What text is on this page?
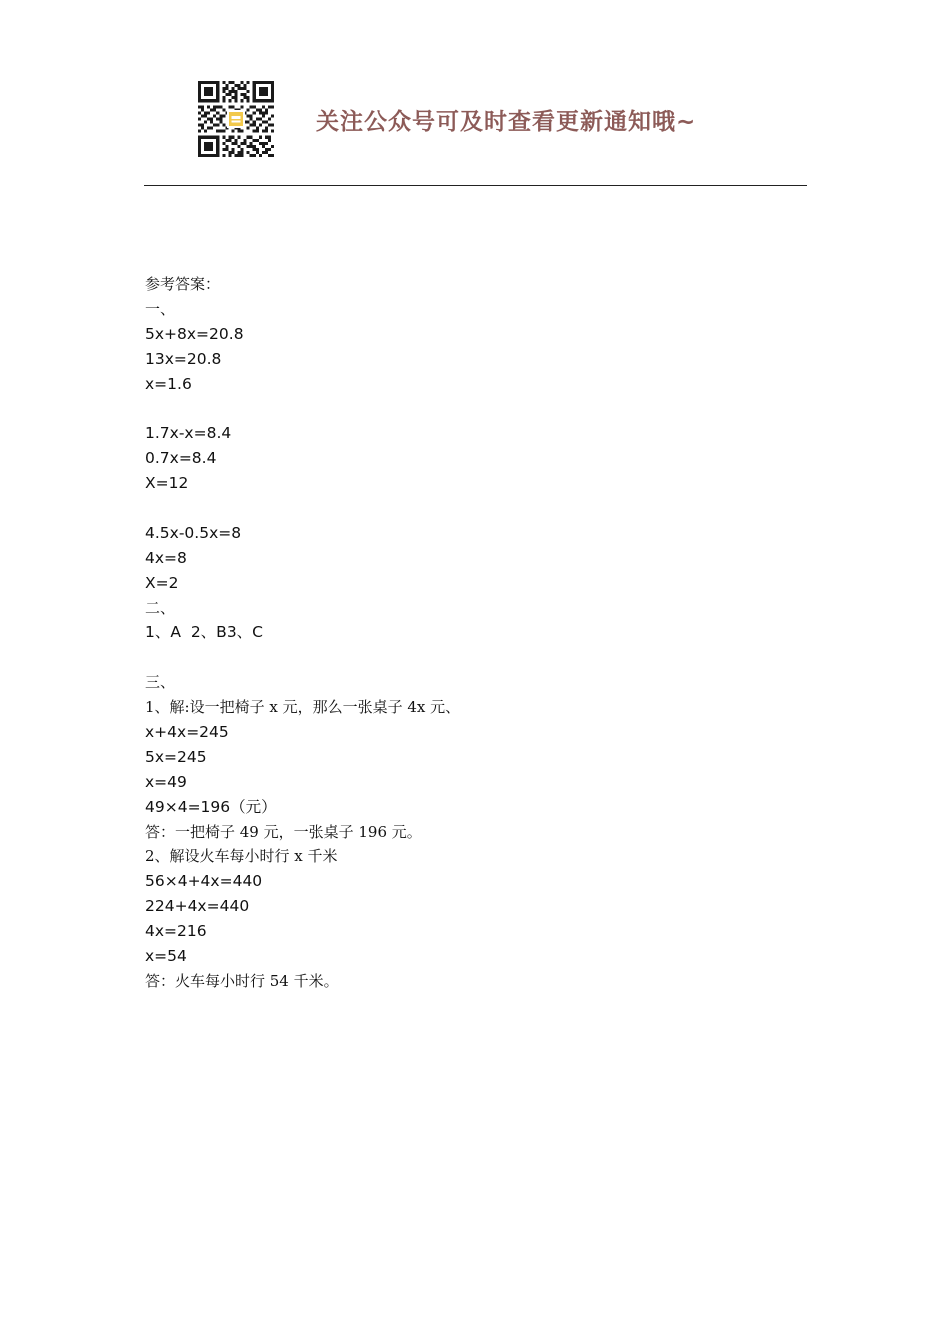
关注公众号可及时查看更新通知哦~
参考答案：
一、
5x+8x=20.8
13x=20.8
x=1.6
1.7x-x=8.4
0.7x=8.4
X=12
4.5x-0.5x=8
4x=8
X=2
二、
1、A  2、B3、C
三、
1、解:设一把椅子 x 元，那么一张桌子 4x 元、
x+4x=245
5x=245
x=49
49×4=196（元）
答：一把椅子 49 元，一张桌子 196 元。
2、解设火车每小时行 x 千米
56×4+4x=440
224+4x=440
4x=216
x=54
答：火车每小时行 54 千米。
